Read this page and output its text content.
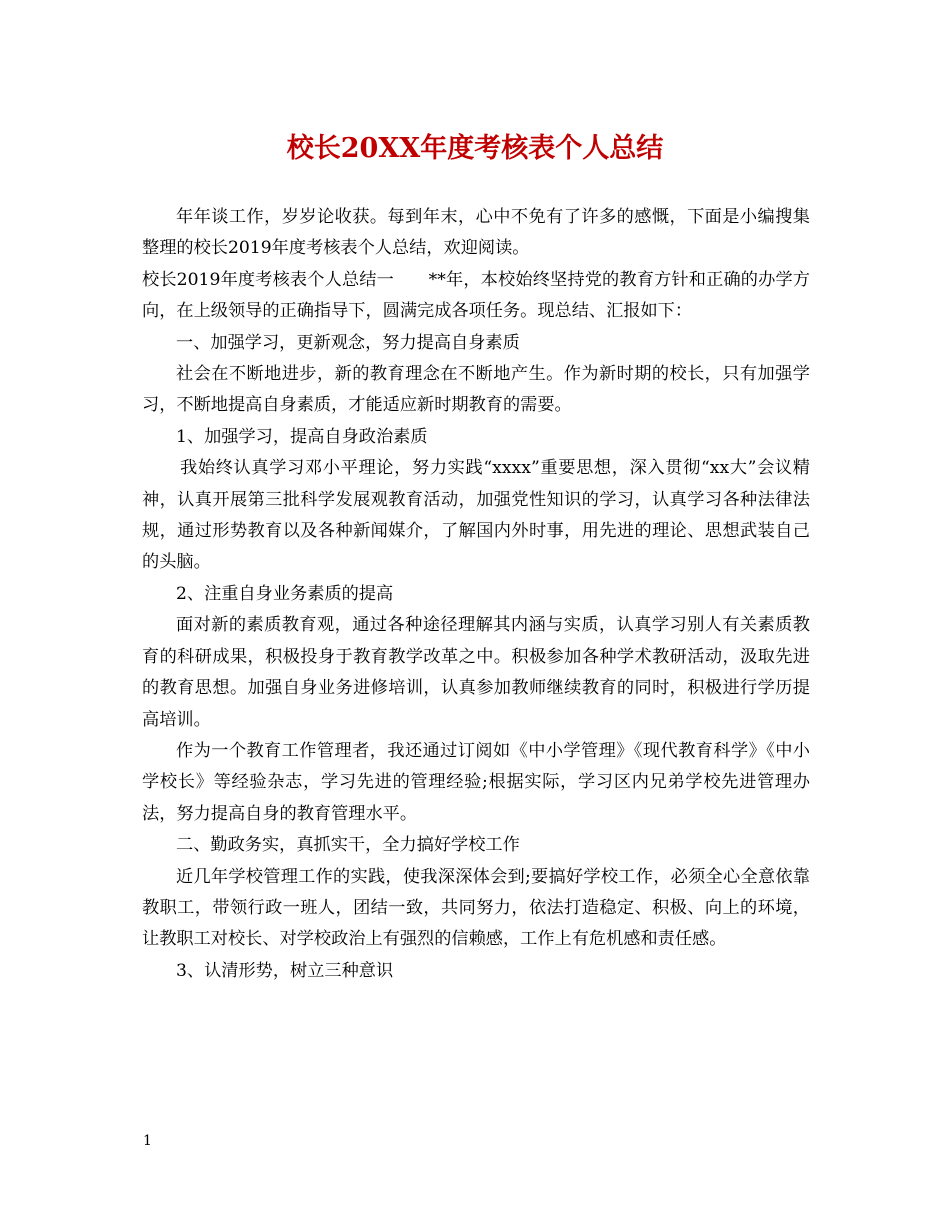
校长20XX年度考核表个人总结

年年谈工作，岁岁论收获。每到年末，心中不免有了许多的感慨，下面是小编搜集整理的校长2019年度考核表个人总结，欢迎阅读。

校长2019年度考核表个人总结一　　**年，本校始终坚持党的教育方针和正确的办学方向，在上级领导的正确指导下，圆满完成各项任务。现总结、汇报如下：

一、加强学习，更新观念，努力提高自身素质

社会在不断地进步，新的教育理念在不断地产生。作为新时期的校长，只有加强学习，不断地提高自身素质，才能适应新时期教育的需要。

1、加强学习，提高自身政治素质

我始终认真学习邓小平理论，努力实践“xxxx”重要思想，深入贯彻“xx大”会议精神，认真开展第三批科学发展观教育活动，加强党性知识的学习，认真学习各种法律法规，通过形势教育以及各种新闻媒介，了解国内外时事，用先进的理论、思想武装自己的头脑。

2、注重自身业务素质的提高

面对新的素质教育观，通过各种途径理解其内涵与实质，认真学习别人有关素质教育的科研成果，积极投身于教育教学改革之中。积极参加各种学术教研活动，汲取先进的教育思想。加强自身业务进修培训，认真参加教师继续教育的同时，积极进行学历提高培训。

作为一个教育工作管理者，我还通过订阅如《中小学管理》《现代教育科学》《中小学校长》等经验杂志，学习先进的管理经验;根据实际，学习区内兄弟学校先进管理办法，努力提高自身的教育管理水平。

二、勤政务实，真抓实干，全力搞好学校工作

近几年学校管理工作的实践，使我深深体会到;要搞好学校工作，必须全心全意依靠教职工，带领行政一班人，团结一致，共同努力，依法打造稳定、积极、向上的环境，让教职工对校长、对学校政治上有强烈的信赖感，工作上有危机感和责任感。

3、认清形势，树立三种意识

1
